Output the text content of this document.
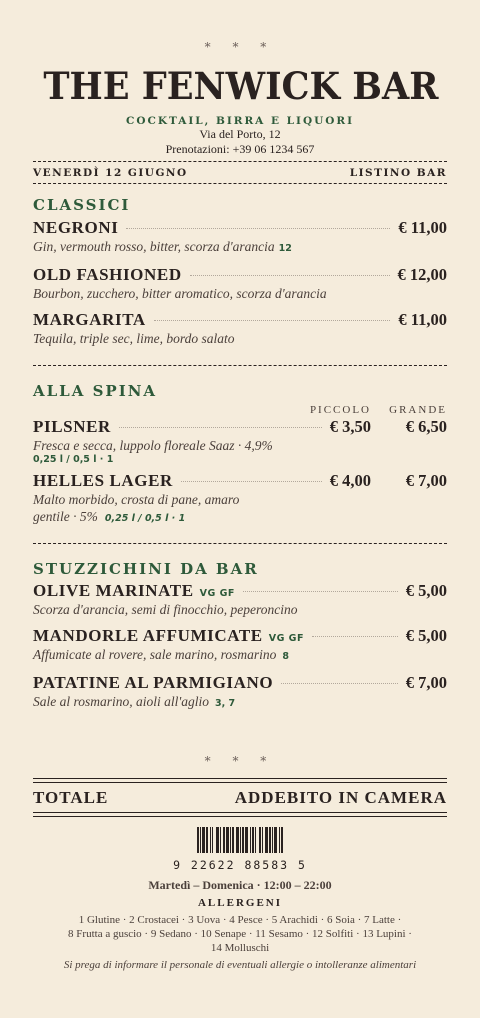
* * *
THE FENWICK BAR
COCKTAIL, BIRRA E LIQUORI
Via del Porto, 12
Prenotazioni: +39 06 1234 567
VENERDÌ 12 GIUGNO	LISTINO BAR
CLASSICI
NEGRONI	€ 11,00
Gin, vermouth rosso, bitter, scorza d'arancia 12
OLD FASHIONED	€ 12,00
Bourbon, zucchero, bitter aromatico, scorza d'arancia
MARGARITA	€ 11,00
Tequila, triple sec, lime, bordo salato
ALLA SPINA
PICCOLO	GRANDE
PILSNER	€ 3,50	€ 6,50
Fresca e secca, luppolo floreale Saaz · 4,9%
0,25 l / 0,5 l · 1
HELLES LAGER	€ 4,00	€ 7,00
Malto morbido, crosta di pane, amaro
gentile · 5% 0,25 l / 0,5 l · 1
STUZZICHINI DA BAR
OLIVE MARINATE VG GF	€ 5,00
Scorza d'arancia, semi di finocchio, peperoncino
MANDORLE AFFUMICATE VG GF	€ 5,00
Affumicate al rovere, sale marino, rosmarino 8
PATATINE AL PARMIGIANO	€ 7,00
Sale al rosmarino, aioli all'aglio 3, 7
* * *
TOTALE	ADDEBITO IN CAMERA
9 22622 88583 5
Martedì – Domenica · 12:00 – 22:00
ALLERGENI
1 Glutine · 2 Crostacei · 3 Uova · 4 Pesce · 5 Arachidi · 6 Soia · 7 Latte ·
8 Frutta a guscio · 9 Sedano · 10 Senape · 11 Sesamo · 12 Solfiti · 13 Lupini ·
14 Molluschi
Si prega di informare il personale di eventuali allergie o intolleranze alimentari
